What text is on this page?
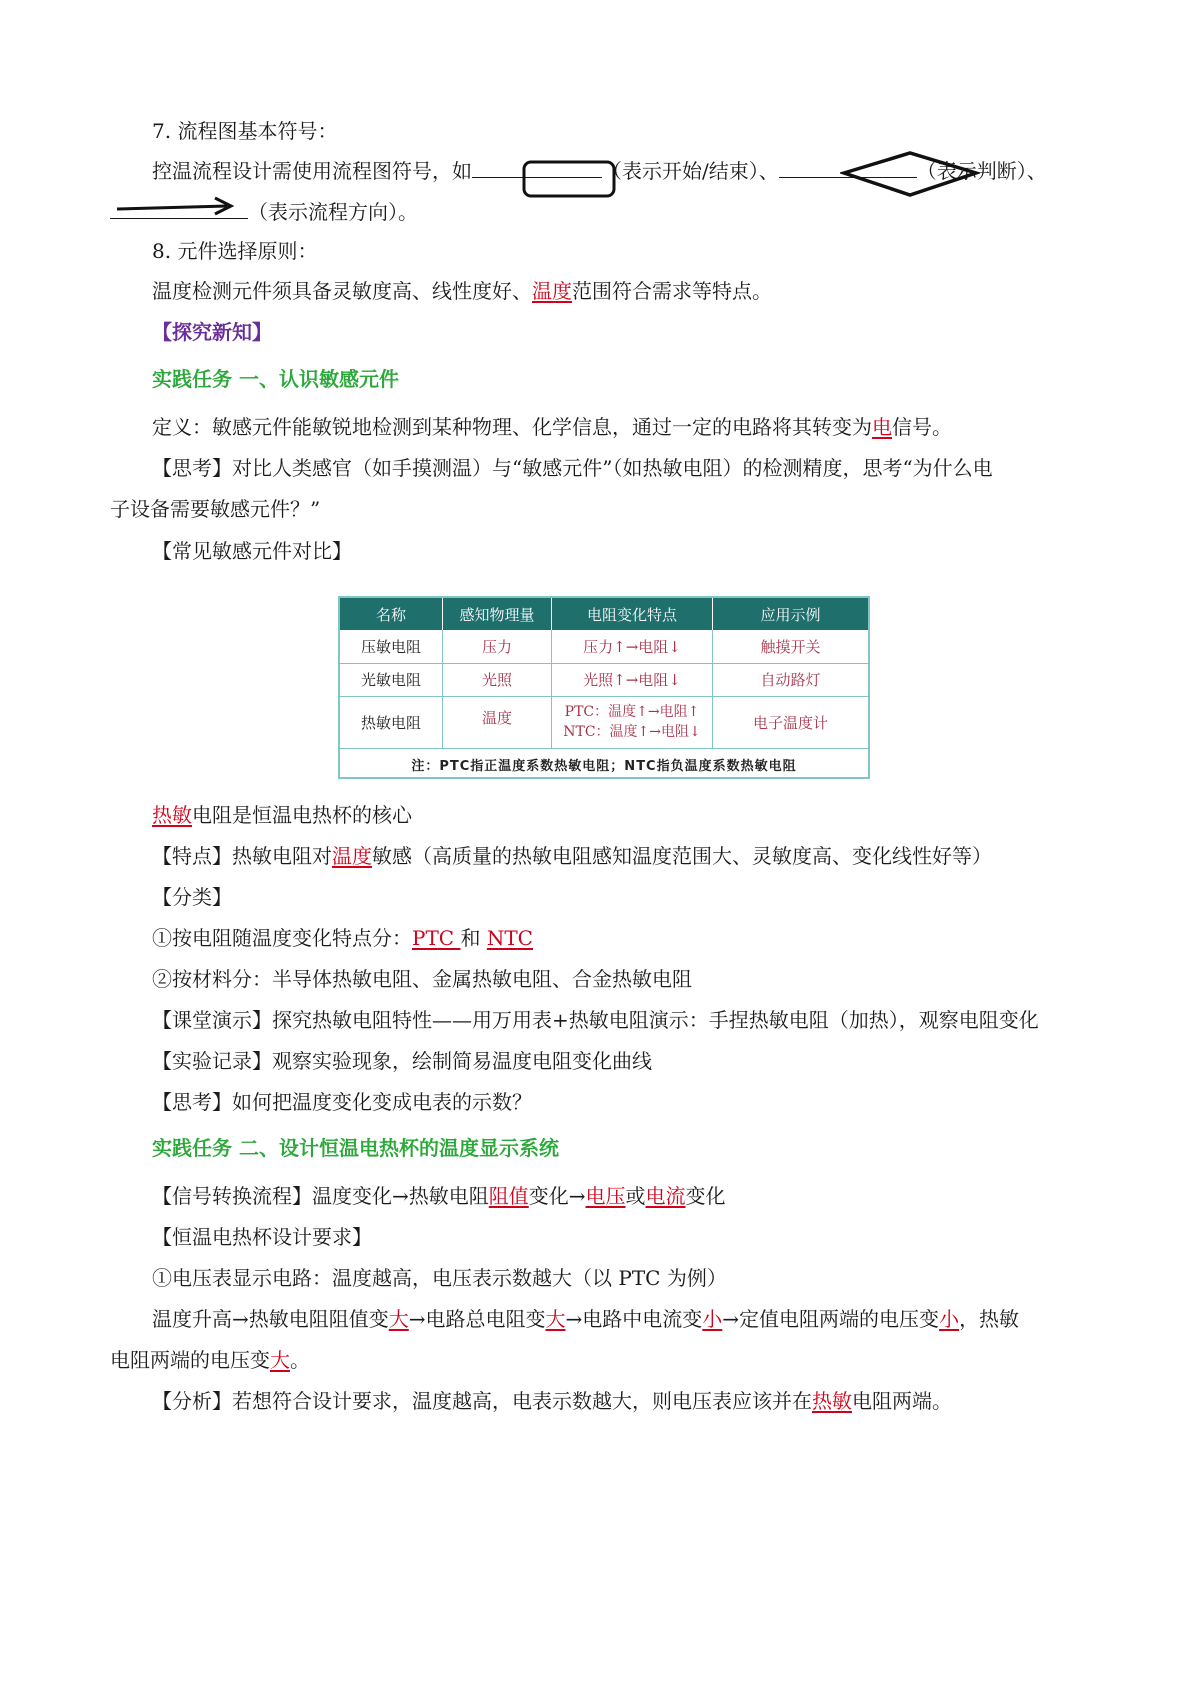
7. 流程图基本符号：
控温流程设计需使用流程图符号，如	（表示开始/结束）、	（表示判断）、
（表示流程方向）。
8. 元件选择原则：
温度检测元件须具备灵敏度高、线性度好、温度范围符合需求等特点。
【探究新知】
实践任务 一、认识敏感元件
定义：敏感元件能敏锐地检测到某种物理、化学信息，通过一定的电路将其转变为电信号。
【思考】对比人类感官（如手摸测温）与“敏感元件”（如热敏电阻）的检测精度，思考“为什么电
子设备需要敏感元件？”
【常见敏感元件对比】
名称	感知物理量	电阻变化特点	应用示例
压敏电阻	压力	压力↑→电阻↓	触摸开关
光敏电阻	光照	光照↑→电阻↓	自动路灯
热敏电阻	温度	PTC：温度↑→电阻↑
NTC：温度↑→电阻↓	电子温度计
注：PTC指正温度系数热敏电阻；NTC指负温度系数热敏电阻			
热敏电阻是恒温电热杯的核心
【特点】热敏电阻对温度敏感（高质量的热敏电阻感知温度范围大、灵敏度高、变化线性好等）
【分类】
①按电阻随温度变化特点分：PTC 和 NTC
②按材料分：半导体热敏电阻、金属热敏电阻、合金热敏电阻
【课堂演示】探究热敏电阻特性——用万用表+热敏电阻演示：手捏热敏电阻（加热），观察电阻变化
【实验记录】观察实验现象，绘制简易温度电阻变化曲线
【思考】如何把温度变化变成电表的示数？
实践任务 二、设计恒温电热杯的温度显示系统
【信号转换流程】温度变化→热敏电阻阻值变化→电压或电流变化
【恒温电热杯设计要求】
①电压表显示电路：温度越高，电压表示数越大（以 PTC 为例）
温度升高→热敏电阻阻值变大→电路总电阻变大→电路中电流变小→定值电阻两端的电压变小，热敏
电阻两端的电压变大。
【分析】若想符合设计要求，温度越高，电表示数越大，则电压表应该并在热敏电阻两端。
